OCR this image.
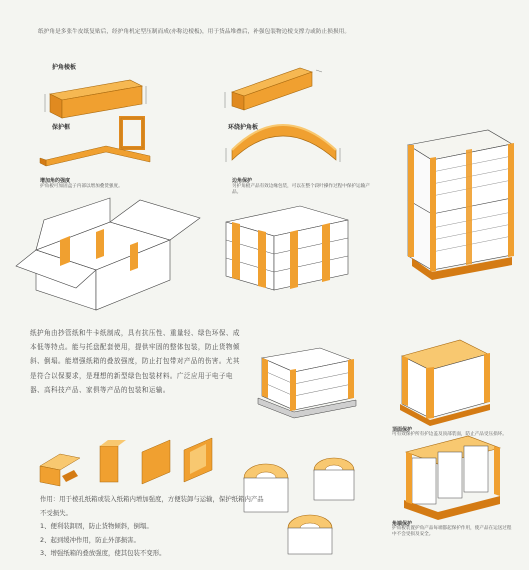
纸护角是多张牛皮纸复贴后，经护角机定型压制而成(亦称边棱板)，用于货品堆叠后，补强包装物边棱支撑力或防止损损用。
护角棱板
保护框	环绕护角板
增加角的强度
护角板可加固盒子内部以增加叠货强度。
边角保护
另护角板产品有效边缘包装，可以在整个段叶操作过程中保护运输产品。
顶面保护
可有效保护所有护边盖及顶部装面，防止产品受压损坏。
角端保护
护角板装置护角产品每端都起保护作用，使产品在运送过程中不会受损及安全。
纸护角由抄管纸和牛卡纸制成，具有抗压性、重量轻、绿色环保、成本低等特点。能与托盘配套使用，提供牢固的整体包装，防止货物倾斜、倒塌。能增强纸箱的叠放强度，防止打包带对产品的伤害。尤其是符合以保要求，是理想的新型绿色包装材料。广泛应用于电子电器、高科技产品、家俱等产品的包装和运输。
作用：用于棱孔纸箱或装入纸箱内增加强度，方便装卸与运输，保护纸箱内产品不受损失。
1、便利装卸固，防止货物倾斜，倒塌。
2、起到缓冲作用，防止外部损害。
3、增强纸箱的叠放强度，使其包装不变形。
